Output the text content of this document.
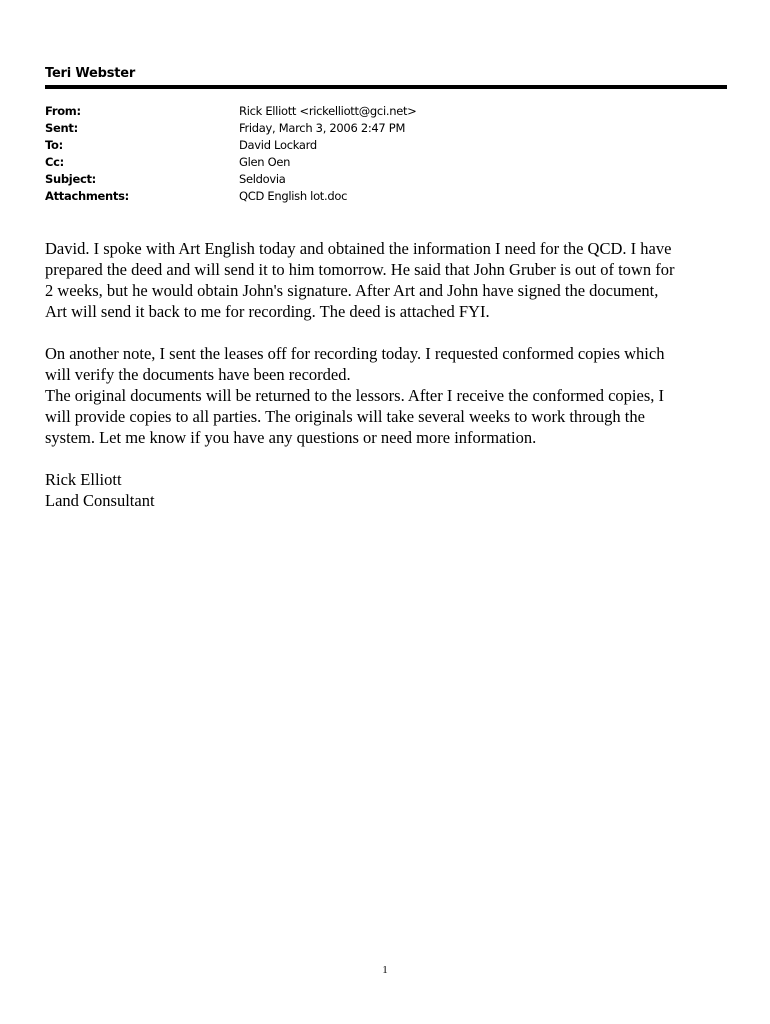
Teri Webster
From:	Rick Elliott <rickelliott@gci.net>
Sent:	Friday, March 3, 2006 2:47 PM
To:	David Lockard
Cc:	Glen Oen
Subject:	Seldovia
Attachments:	QCD English lot.doc
David. I spoke with Art English today and obtained the information I need for the QCD. I have
prepared the deed and will send it to him tomorrow. He said that John Gruber is out of town for
2 weeks, but he would obtain John's signature. After Art and John have signed the document,
Art will send it back to me for recording. The deed is attached FYI.
On another note, I sent the leases off for recording today. I requested conformed copies which
will verify the documents have been recorded.
The original documents will be returned to the lessors. After I receive the conformed copies, I
will provide copies to all parties. The originals will take several weeks to work through the
system. Let me know if you have any questions or need more information.
Rick Elliott
Land Consultant
1
